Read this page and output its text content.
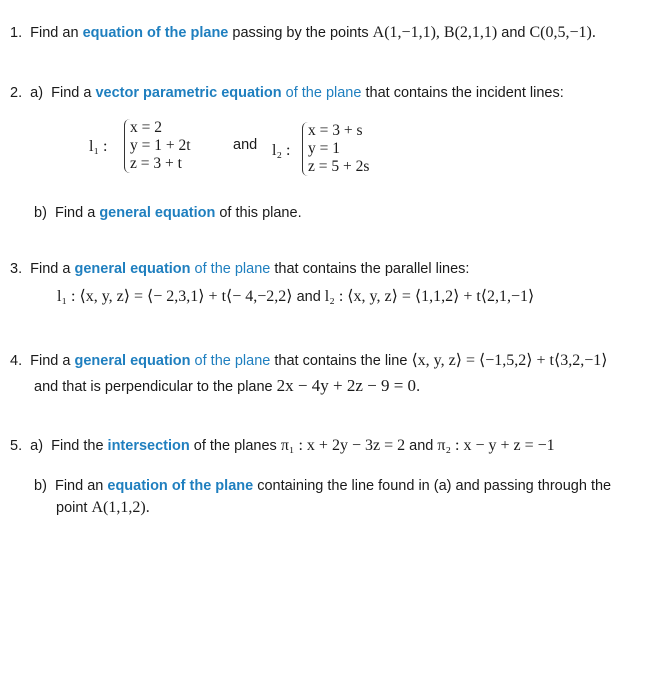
1. Find an equation of the plane passing by the points A(1,−1,1), B(2,1,1) and C(0,5,−1).
2. a) Find a vector parametric equation of the plane that contains the incident lines:
l₁ :
x = 2
y = 1 + 2t
z = 3 + t
and l₂ :
x = 3 + s
y = 1
z = 5 + 2s
b) Find a general equation of this plane.
3. Find a general equation of the plane that contains the parallel lines:
l₁ : ⟨x, y, z⟩ = ⟨− 2,3,1⟩ + t⟨− 4,−2,2⟩ and l₂ : ⟨x, y, z⟩ = ⟨1,1,2⟩ + t⟨2,1,−1⟩
4. Find a general equation of the plane that contains the line ⟨x, y, z⟩ = ⟨−1,5,2⟩ + t⟨3,2,−1⟩
and that is perpendicular to the plane 2x − 4y + 2z − 9 = 0.
5. a) Find the intersection of the planes π₁ : x + 2y − 3z = 2 and π₂ : x − y + z = −1
b) Find an equation of the plane containing the line found in (a) and passing through the
point A(1,1,2).
